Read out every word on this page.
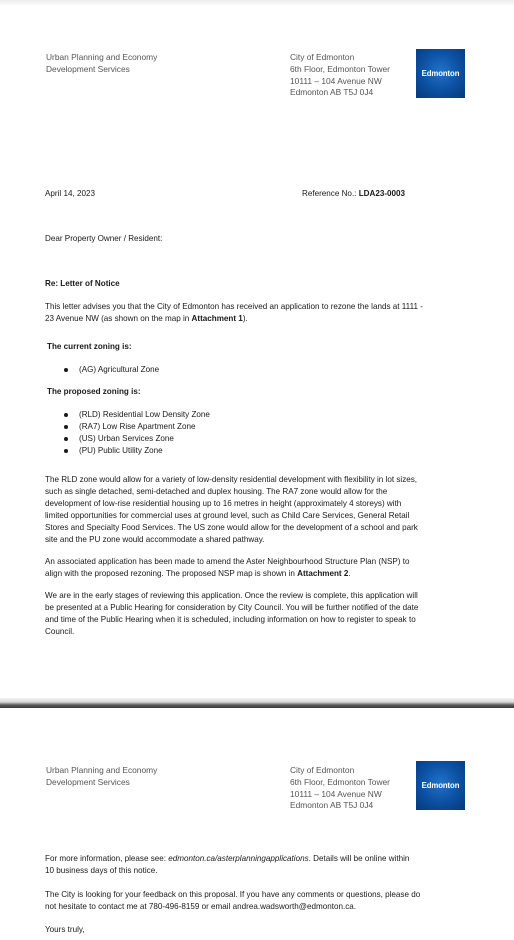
Urban Planning and Economy
Development Services
City of Edmonton
6th Floor, Edmonton Tower
10111 – 104 Avenue NW
Edmonton AB T5J 0J4
Edmonton
April 14, 2023	Reference No.: LDA23-0003
Dear Property Owner / Resident:
Re: Letter of Notice
This letter advises you that the City of Edmonton has received an application to rezone the lands at 1111 -
23 Avenue NW (as shown on the map in Attachment 1).
The current zoning is:
(AG) Agricultural Zone
The proposed zoning is:
(RLD) Residential Low Density Zone
(RA7) Low Rise Apartment Zone
(US) Urban Services Zone
(PU) Public Utility Zone
The RLD zone would allow for a variety of low-density residential development with flexibility in lot sizes,
such as single detached, semi-detached and duplex housing. The RA7 zone would allow for the
development of low-rise residential housing up to 16 metres in height (approximately 4 storeys) with
limited opportunities for commercial uses at ground level, such as Child Care Services, General Retail
Stores and Specialty Food Services. The US zone would allow for the development of a school and park
site and the PU zone would accommodate a shared pathway.
An associated application has been made to amend the Aster Neighbourhood Structure Plan (NSP) to
align with the proposed rezoning. The proposed NSP map is shown in Attachment 2.
We are in the early stages of reviewing this application. Once the review is complete, this application will
be presented at a Public Hearing for consideration by City Council. You will be further notified of the date
and time of the Public Hearing when it is scheduled, including information on how to register to speak to
Council.
Urban Planning and Economy
Development Services
City of Edmonton
6th Floor, Edmonton Tower
10111 – 104 Avenue NW
Edmonton AB T5J 0J4
Edmonton
For more information, please see: edmonton.ca/asterplanningapplications. Details will be online within
10 business days of this notice.
The City is looking for your feedback on this proposal. If you have any comments or questions, please do
not hesitate to contact me at 780-496-8159 or email andrea.wadsworth@edmonton.ca.
Yours truly,
